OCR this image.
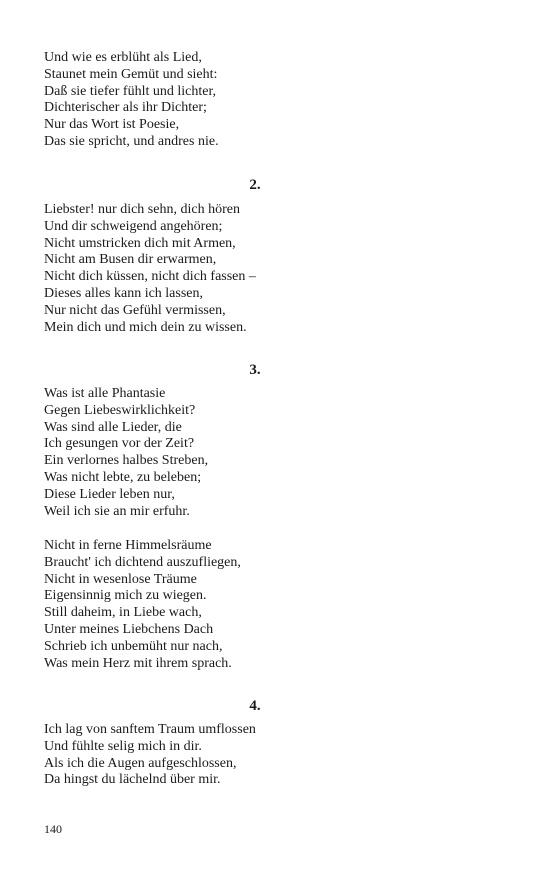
Und wie es erblüht als Lied,
Staunet mein Gemüt und sieht:
Daß sie tiefer fühlt und lichter,
Dichterischer als ihr Dichter;
Nur das Wort ist Poesie,
Das sie spricht, und andres nie.
2.
Liebster! nur dich sehn, dich hören
Und dir schweigend angehören;
Nicht umstricken dich mit Armen,
Nicht am Busen dir erwarmen,
Nicht dich küssen, nicht dich fassen –
Dieses alles kann ich lassen,
Nur nicht das Gefühl vermissen,
Mein dich und mich dein zu wissen.
3.
Was ist alle Phantasie
Gegen Liebeswirklichkeit?
Was sind alle Lieder, die
Ich gesungen vor der Zeit?
Ein verlornes halbes Streben,
Was nicht lebte, zu beleben;
Diese Lieder leben nur,
Weil ich sie an mir erfuhr.
Nicht in ferne Himmelsräume
Braucht' ich dichtend auszufliegen,
Nicht in wesenlose Träume
Eigensinnig mich zu wiegen.
Still daheim, in Liebe wach,
Unter meines Liebchens Dach
Schrieb ich unbemüht nur nach,
Was mein Herz mit ihrem sprach.
4.
Ich lag von sanftem Traum umflossen
Und fühlte selig mich in dir.
Als ich die Augen aufgeschlossen,
Da hingst du lächelnd über mir.
140
